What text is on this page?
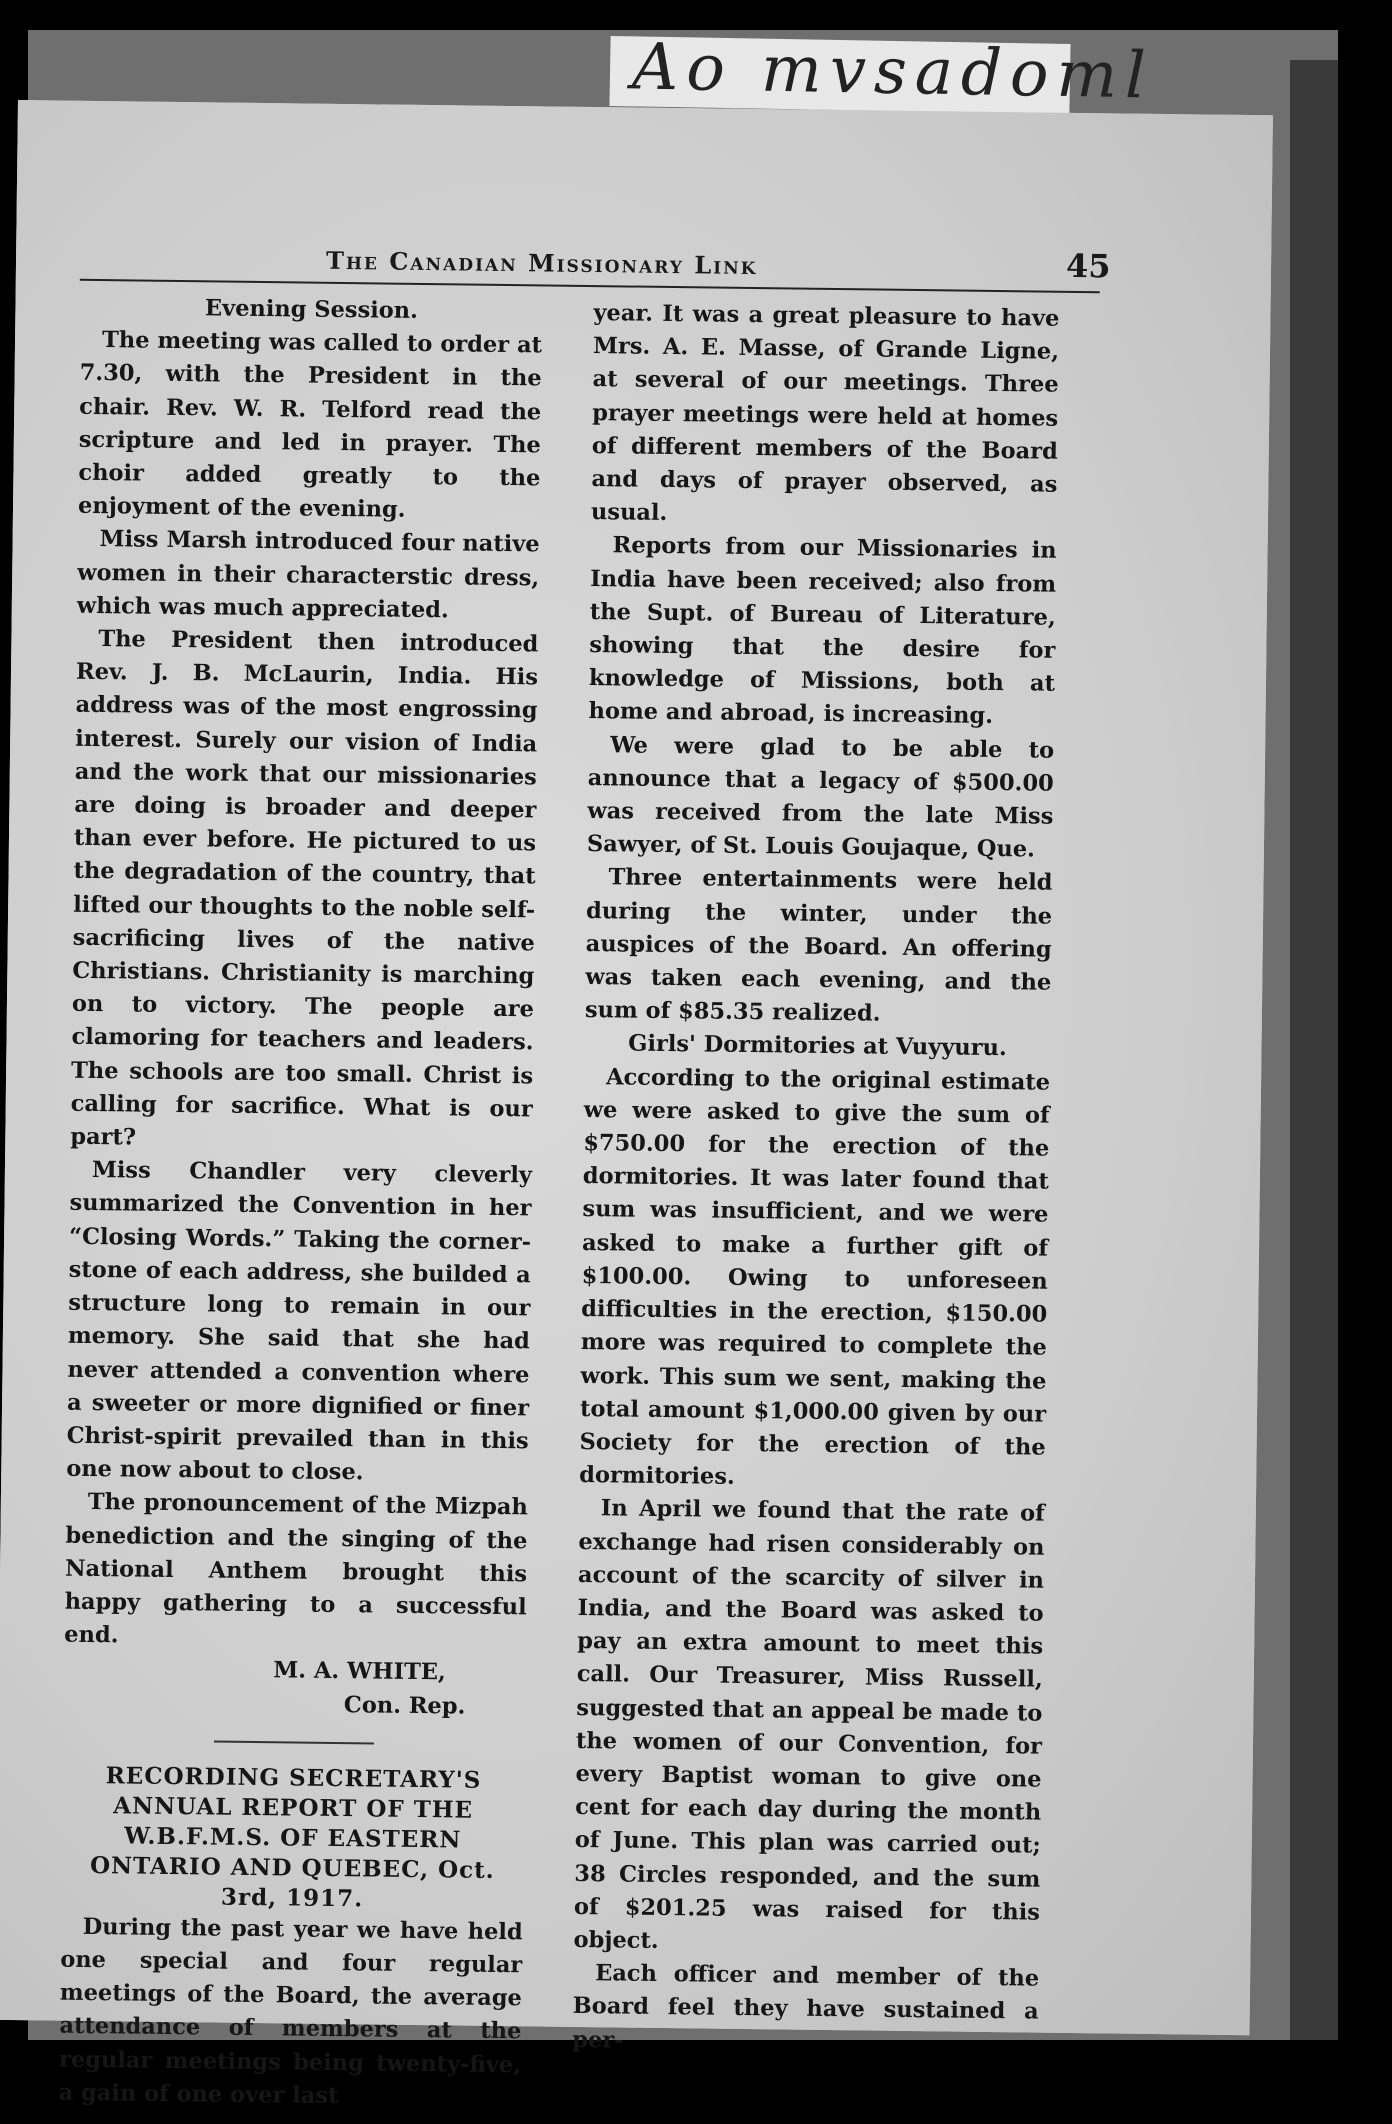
Ao mvsadoml
The Canadian Missionary Link	45

Evening Session.

The meeting was called to order at 7.30, with the President in the chair. Rev. W. R. Telford read the scripture and led in prayer. The choir added greatly to the enjoyment of the evening.

Miss Marsh introduced four native women in their characterstic dress, which was much appreciated.

The President then introduced Rev. J. B. McLaurin, India. His address was of the most engrossing interest. Surely our vision of India and the work that our missionaries are doing is broader and deeper than ever before. He pictured to us the degradation of the country, that lifted our thoughts to the noble self-sacrificing lives of the native Christians. Christianity is marching on to victory. The people are clamoring for teachers and leaders. The schools are too small. Christ is calling for sacrifice. What is our part?

Miss Chandler very cleverly summarized the Convention in her “Closing Words.” Taking the corner-stone of each address, she builded a structure long to remain in our memory. She said that she had never attended a convention where a sweeter or more dignified or finer Christ-spirit prevailed than in this one now about to close.

The pronouncement of the Mizpah benediction and the singing of the National Anthem brought this happy gathering to a successful end.

M. A. WHITE,

Con. Rep.

RECORDING SECRETARY'S ANNUAL REPORT OF THE W.B.F.M.S. OF EASTERN ONTARIO AND QUEBEC, Oct. 3rd, 1917.

During the past year we have held one special and four regular meetings of the Board, the average attendance of members at the regular meetings being twenty-five, a gain of one over last

year. It was a great pleasure to have Mrs. A. E. Masse, of Grande Ligne, at several of our meetings. Three prayer meetings were held at homes of different members of the Board and days of prayer observed, as usual.

Reports from our Missionaries in India have been received; also from the Supt. of Bureau of Literature, showing that the desire for knowledge of Missions, both at home and abroad, is increasing.

We were glad to be able to announce that a legacy of $500.00 was received from the late Miss Sawyer, of St. Louis Goujaque, Que.

Three entertainments were held during the winter, under the auspices of the Board. An offering was taken each evening, and the sum of $85.35 realized.

Girls' Dormitories at Vuyyuru.

According to the original estimate we were asked to give the sum of $750.00 for the erection of the dormitories. It was later found that sum was insufficient, and we were asked to make a further gift of $100.00. Owing to unforeseen difficulties in the erection, $150.00 more was required to complete the work. This sum we sent, making the total amount $1,000.00 given by our Society for the erection of the dormitories.

In April we found that the rate of exchange had risen considerably on account of the scarcity of silver in India, and the Board was asked to pay an extra amount to meet this call. Our Treasurer, Miss Russell, suggested that an appeal be made to the women of our Convention, for every Baptist woman to give one cent for each day during the month of June. This plan was carried out; 38 Circles responded, and the sum of $201.25 was raised for this object.

Each officer and member of the Board feel they have sustained a per-
